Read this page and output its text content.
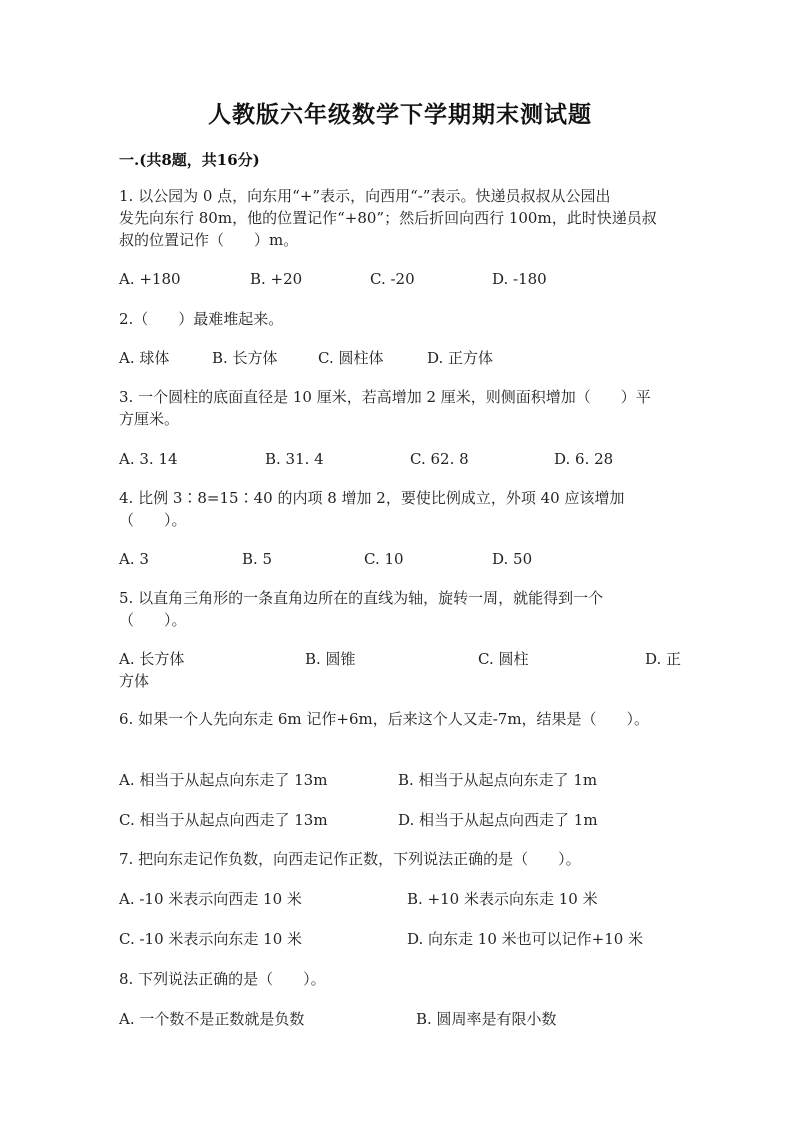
人教版六年级数学下学期期末测试题
一.(共8题，共16分)
1. 以公园为 0 点，向东用“+”表示，向西用“-”表示。快递员叔叔从公园出
发先向东行 80m，他的位置记作“+80”；然后折回向西行 100m，此时快递员叔
叔的位置记作（　　）m。
A. +180	B. +20	C. -20	D. -180
2.（　　）最难堆起来。
A. 球体	B. 长方体	C. 圆柱体	D. 正方体
3. 一个圆柱的底面直径是 10 厘米，若高增加 2 厘米，则侧面积增加（　　）平
方厘米。
A. 3. 14	B. 31. 4	C. 62. 8	D. 6. 28
4. 比例 3∶8=15∶40 的内项 8 增加 2，要使比例成立，外项 40 应该增加
（　　）。
A. 3	B. 5	C. 10	D. 50
5. 以直角三角形的一条直角边所在的直线为轴，旋转一周，就能得到一个
（　　）。
A. 长方体	B. 圆锥	C. 圆柱	D. 正
方体
6. 如果一个人先向东走 6m 记作+6m，后来这个人又走-7m，结果是（　　）。
A. 相当于从起点向东走了 13m	B. 相当于从起点向东走了 1m
C. 相当于从起点向西走了 13m	D. 相当于从起点向西走了 1m
7. 把向东走记作负数，向西走记作正数，下列说法正确的是（　　）。
A. -10 米表示向西走 10 米	B. +10 米表示向东走 10 米
C. -10 米表示向东走 10 米	D. 向东走 10 米也可以记作+10 米
8. 下列说法正确的是（　　）。
A. 一个数不是正数就是负数	B. 圆周率是有限小数
